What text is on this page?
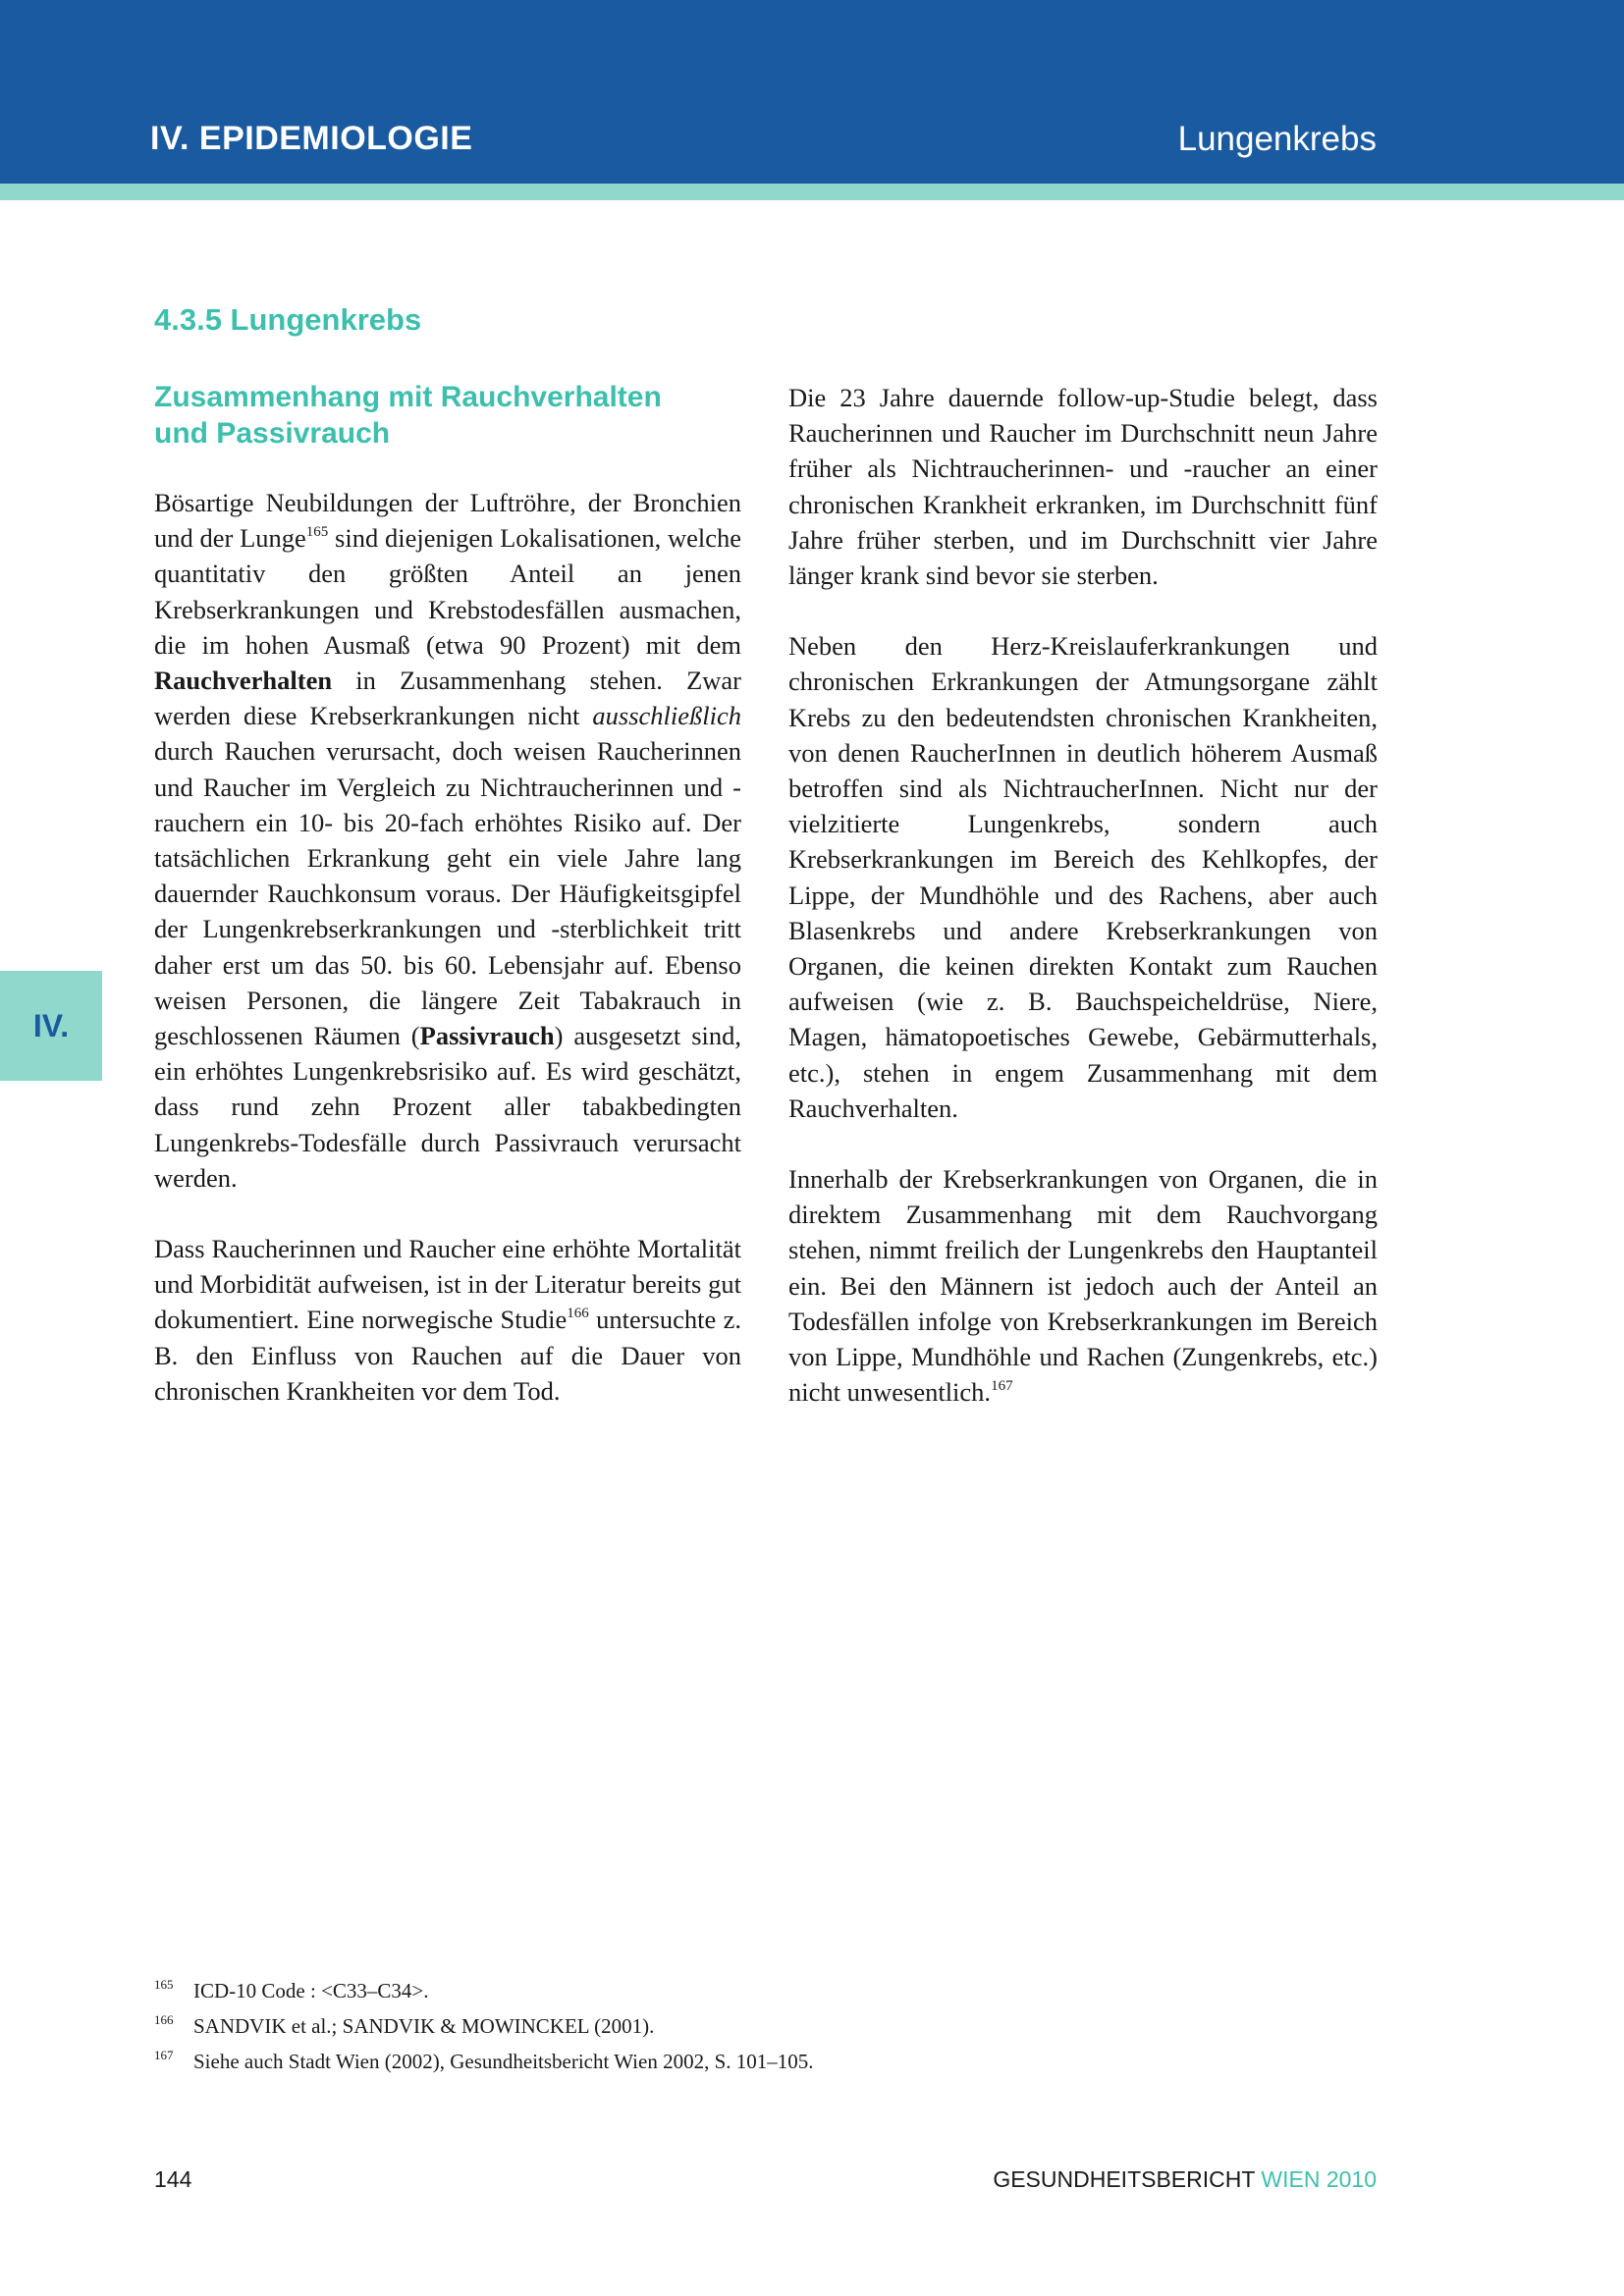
IV. EPIDEMIOLOGIE	Lungenkrebs
IV.
4.3.5 Lungenkrebs
Zusammenhang mit Rauchverhalten und Passivrauch

Bösartige Neubildungen der Luftröhre, der Bronchien und der Lunge$^{165}$ sind diejenigen Lokalisationen, welche quantitativ den größten Anteil an jenen Krebserkrankungen und Krebstodesfällen ausmachen, die im hohen Ausmaß (etwa 90 Prozent) mit dem Rauchverhalten in Zusammenhang stehen. Zwar werden diese Krebserkrankungen nicht ausschließlich durch Rauchen verursacht, doch weisen Raucherinnen und Raucher im Vergleich zu Nichtraucherinnen und -rauchern ein 10- bis 20-fach erhöhtes Risiko auf. Der tatsächlichen Erkrankung geht ein viele Jahre lang dauernder Rauchkonsum voraus. Der Häufigkeitsgipfel der Lungenkrebserkrankungen und -sterblichkeit tritt daher erst um das 50. bis 60. Lebensjahr auf. Ebenso weisen Personen, die längere Zeit Tabakrauch in geschlossenen Räumen (Passivrauch) ausgesetzt sind, ein erhöhtes Lungenkrebsrisiko auf. Es wird geschätzt, dass rund zehn Prozent aller tabakbedingten Lungenkrebs-Todesfälle durch Passivrauch verursacht werden.

Dass Raucherinnen und Raucher eine erhöhte Mortalität und Morbidität aufweisen, ist in der Literatur bereits gut dokumentiert. Eine norwegische Studie$^{166}$ untersuchte z. B. den Einfluss von Rauchen auf die Dauer von chronischen Krankheiten vor dem Tod.

Die 23 Jahre dauernde follow-up-Studie belegt, dass Raucherinnen und Raucher im Durchschnitt neun Jahre früher als Nichtraucherinnen- und -raucher an einer chronischen Krankheit erkranken, im Durchschnitt fünf Jahre früher sterben, und im Durchschnitt vier Jahre länger krank sind bevor sie sterben.

Neben den Herz-Kreislauferkrankungen und chronischen Erkrankungen der Atmungsorgane zählt Krebs zu den bedeutendsten chronischen Krankheiten, von denen RaucherInnen in deutlich höherem Ausmaß betroffen sind als NichtraucherInnen. Nicht nur der vielzitierte Lungenkrebs, sondern auch Krebserkrankungen im Bereich des Kehlkopfes, der Lippe, der Mundhöhle und des Rachens, aber auch Blasenkrebs und andere Krebserkrankungen von Organen, die keinen direkten Kontakt zum Rauchen aufweisen (wie z. B. Bauchspeicheldrüse, Niere, Magen, hämatopoetisches Gewebe, Gebärmutterhals, etc.), stehen in engem Zusammenhang mit dem Rauchverhalten.

Innerhalb der Krebserkrankungen von Organen, die in direktem Zusammenhang mit dem Rauchvorgang stehen, nimmt freilich der Lungenkrebs den Hauptanteil ein. Bei den Männern ist jedoch auch der Anteil an Todesfällen infolge von Krebserkrankungen im Bereich von Lippe, Mundhöhle und Rachen (Zungenkrebs, etc.) nicht unwesentlich.$^{167}$

165 ICD-10 Code : <C33–C34>.
166 SANDVIK et al.; SANDVIK & MOWINCKEL (2001).
167 Siehe auch Stadt Wien (2002), Gesundheitsbericht Wien 2002, S. 101–105.
144	GESUNDHEITSBERICHT WIEN 2010
